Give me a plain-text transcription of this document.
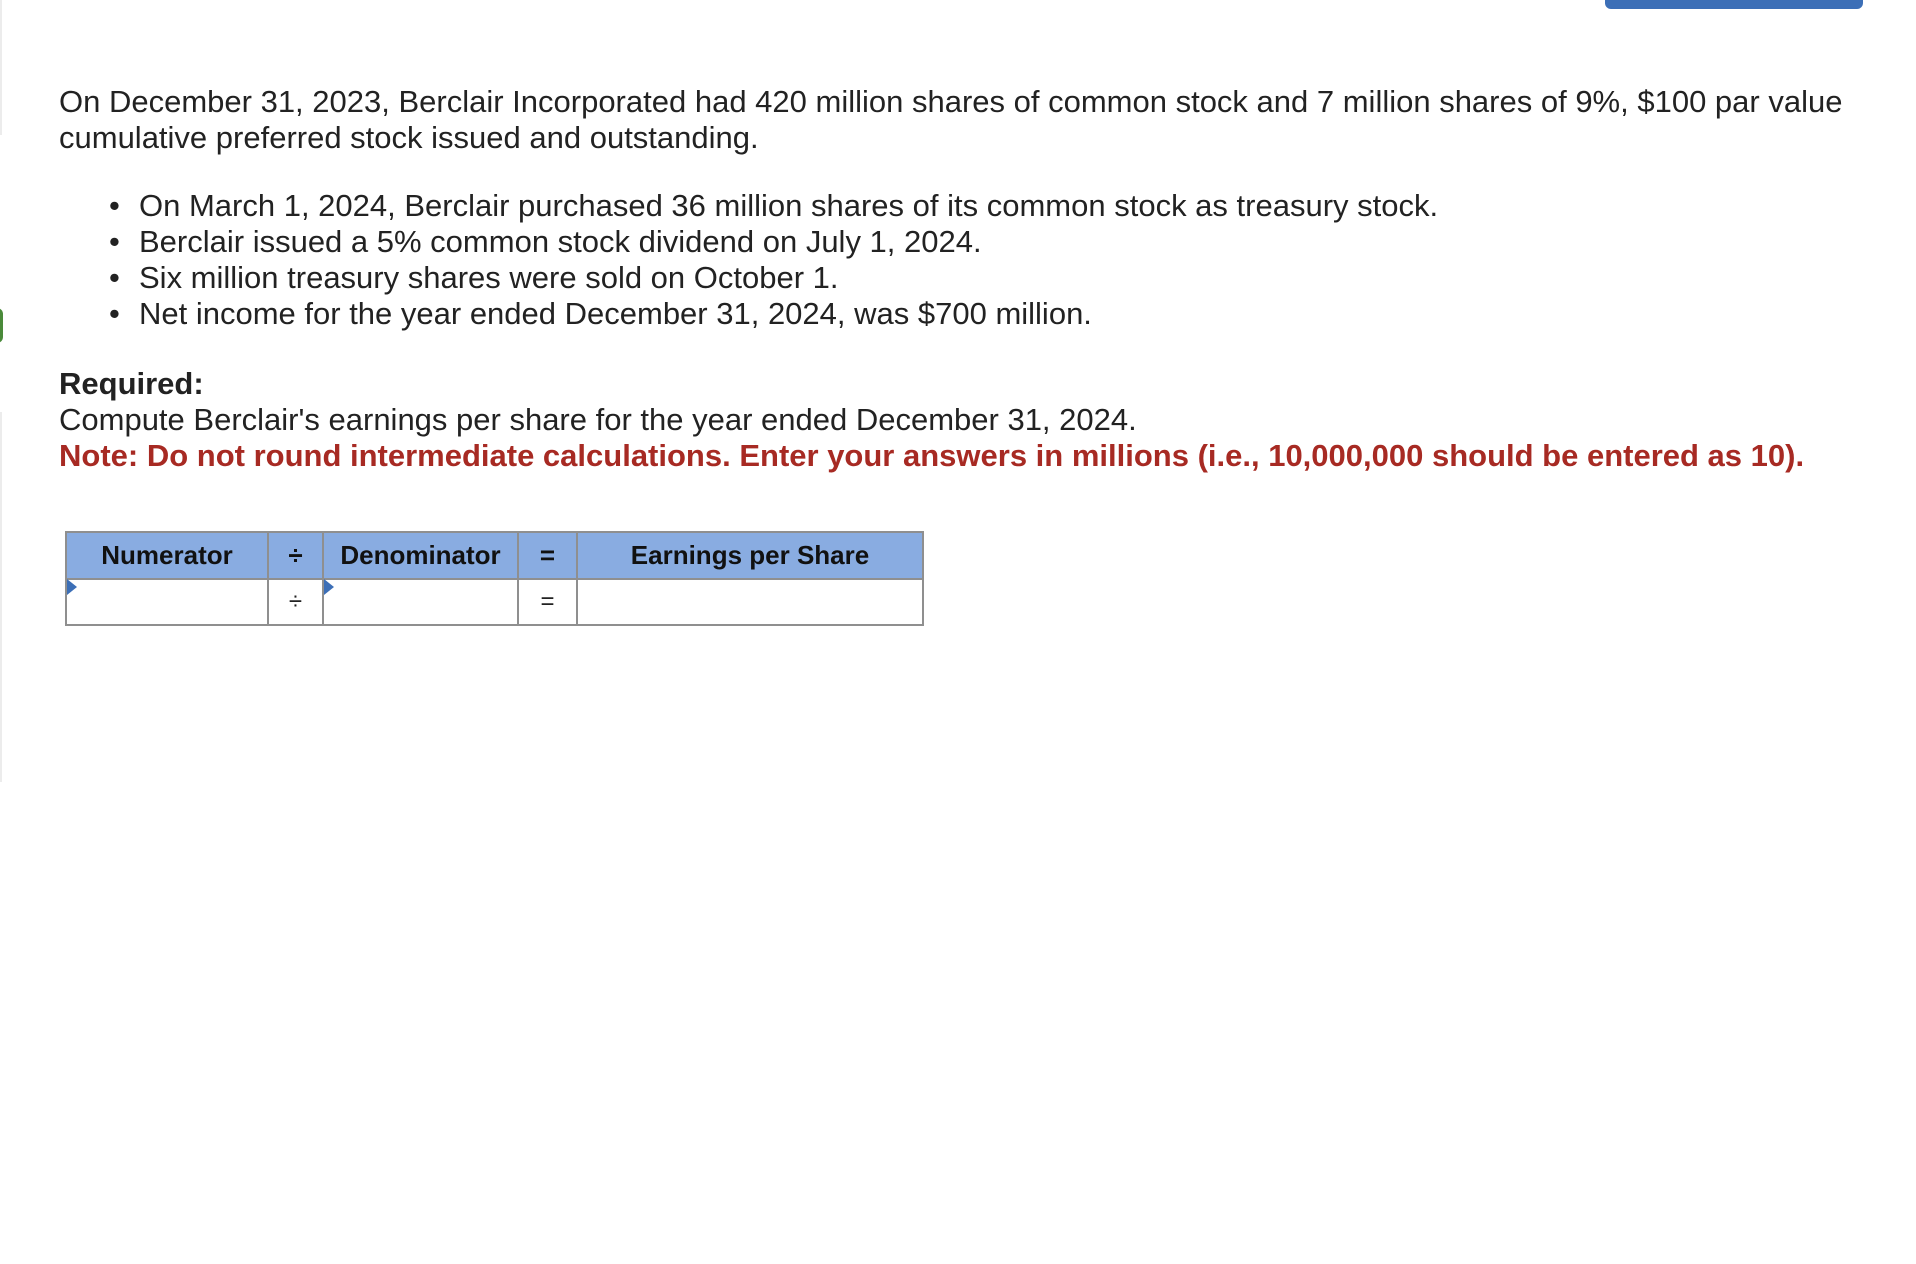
On December 31, 2023, Berclair Incorporated had 420 million shares of common stock and 7 million shares of 9%, $100 par value cumulative preferred stock issued and outstanding.

• On March 1, 2024, Berclair purchased 36 million shares of its common stock as treasury stock.
• Berclair issued a 5% common stock dividend on July 1, 2024.
• Six million treasury shares were sold on October 1.
• Net income for the year ended December 31, 2024, was $700 million.
Required:

Compute Berclair's earnings per share for the year ended December 31, 2024.

Note: Do not round intermediate calculations. Enter your answers in millions (i.e., 10,000,000 should be entered as 10).

Numerator	÷	Denominator	=	Earnings per Share
	÷		=	
